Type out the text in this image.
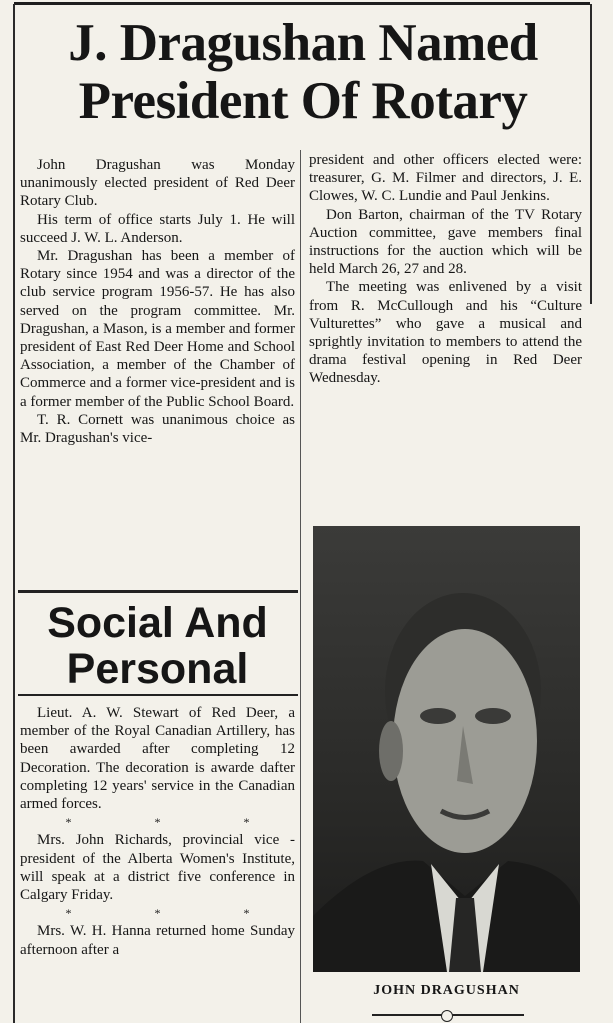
J. Dragushan Named President Of Rotary

John Dragushan was Monday unanimously elected president of Red Deer Rotary Club.

His term of office starts July 1. He will succeed J. W. L. Anderson.

Mr. Dragushan has been a member of Rotary since 1954 and was a director of the club service program 1956-57. He has also served on the program committee. Mr. Dragushan, a Mason, is a member and former president of East Red Deer Home and School Association, a member of the Chamber of Commerce and a former vice-president and is a former member of the Public School Board.

T. R. Cornett was unanimous choice as Mr. Dragushan's vice-

president and other officers elected were: treasurer, G. M. Filmer and directors, J. E. Clowes, W. C. Lundie and Paul Jenkins.

Don Barton, chairman of the TV Rotary Auction committee, gave members final instructions for the auction which will be held March 26, 27 and 28.

The meeting was enlivened by a visit from R. McCullough and his “Culture Vulturettes” who gave a musical and sprightly invitation to members to attend the drama festival opening in Red Deer Wednesday.

Social And Personal

Lieut. A. W. Stewart of Red Deer, a member of the Royal Canadian Artillery, has been awarded after completing 12 Decoration. The decoration is awarde dafter completing 12 years' service in the Canadian armed forces.

* * *

Mrs. John Richards, provincial vice - president of the Alberta Women's Institute, will speak at a district five conference in Calgary Friday.

* * *

Mrs. W. H. Hanna returned home Sunday afternoon after a

JOHN DRAGUSHAN
